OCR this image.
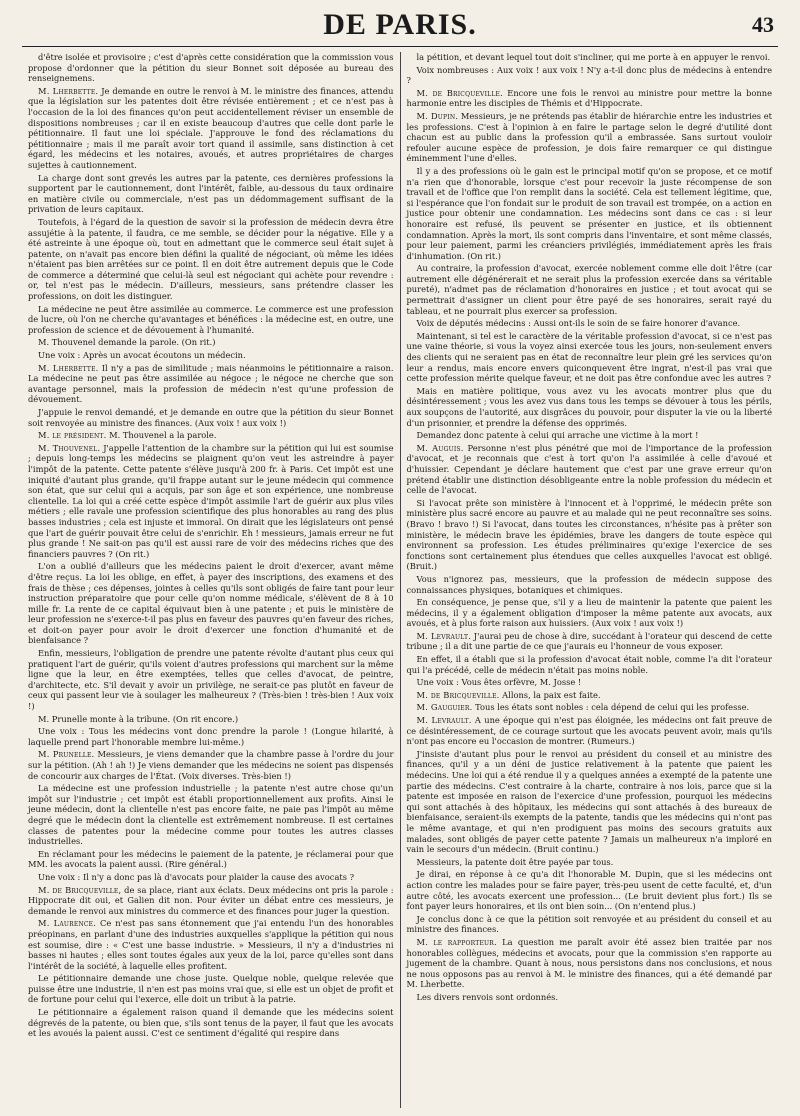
DE PARIS.	43

d'être isolée et provisoire ; c'est d'après cette considération que la commission vous propose d'ordonner que la pétition du sieur Bonnet soit déposée au bureau des renseignemens.

M. Lherbette. Je demande en outre le renvoi à M. le ministre des finances, attendu que la législation sur les patentes doit être révisée entièrement ; et ce n'est pas à l'occasion de la loi des finances qu'on peut accidentellement réviser un ensemble de dispositions nombreuses ; car il en existe beaucoup d'autres que celle dont parle le pétitionnaire. Il faut une loi spéciale. J'approuve le fond des réclamations du pétitionnaire ; mais il me paraît avoir tort quand il assimile, sans distinction à cet égard, les médecins et les notaires, avoués, et autres propriétaires de charges sujettes à cautionnement.

La charge dont sont grevés les autres par la patente, ces dernières professions la supportent par le cautionnement, dont l'intérêt, faible, au-dessous du taux ordinaire en matière civile ou commerciale, n'est pas un dédommagement suffisant de la privation de leurs capitaux.

Toutefois, à l'égard de la question de savoir si la profession de médecin devra être assujétie à la patente, il faudra, ce me semble, se décider pour la négative. Elle y a été astreinte à une époque où, tout en admettant que le commerce seul était sujet à patente, on n'avait pas encore bien défini la qualité de négociant, où même les idées n'étaient pas bien arrêtées sur ce point. Il en doit être autrement depuis que le Code de commerce a déterminé que celui-là seul est négociant qui achète pour revendre : or, tel n'est pas le médecin. D'ailleurs, messieurs, sans prétendre classer les professions, on doit les distinguer.

La médecine ne peut être assimilée au commerce. Le commerce est une profession de lucre, où l'on ne cherche qu'avantages et bénéfices : la médecine est, en outre, une profession de science et de dévouement à l'humanité.

M. Thouvenel demande la parole. (On rit.)

Une voix : Après un avocat écoutons un médecin.

M. Lherbette. Il n'y a pas de similitude ; mais néanmoins le pétitionnaire a raison. La médecine ne peut pas être assimilée au négoce ; le négoce ne cherche que son avantage personnel, mais la profession de médecin n'est qu'une profession de dévouement.

J'appuie le renvoi demandé, et je demande en outre que la pétition du sieur Bonnet soit renvoyée au ministre des finances. (Aux voix ! aux voix !)

M. le président. M. Thouvenel a la parole.

M. Thouvenel. J'appelle l'attention de la chambre sur la pétition qui lui est soumise ; depuis long-temps les médecins se plaignent qu'on veut les astreindre à payer l'impôt de la patente. Cette patente s'élève jusqu'à 200 fr. à Paris. Cet impôt est une iniquité d'autant plus grande, qu'il frappe autant sur le jeune médecin qui commence son état, que sur celui qui a acquis, par son âge et son expérience, une nombreuse clientelle. La loi qui a créé cette espèce d'impôt assimile l'art de guérir aux plus viles métiers ; elle ravale une profession scientifique des plus honorables au rang des plus basses industries ; cela est injuste et immoral. On dirait que les législateurs ont pensé que l'art de guérir pouvait être celui de s'enrichir. Eh ! messieurs, jamais erreur ne fut plus grande ! Ne sait-on pas qu'il est aussi rare de voir des médecins riches que des financiers pauvres ? (On rit.)

L'on a oublié d'ailleurs que les médecins paient le droit d'exercer, avant même d'être reçus. La loi les oblige, en effet, à payer des inscriptions, des examens et des frais de thèse ; ces dépenses, jointes à celles qu'ils sont obligés de faire tant pour leur instruction préparatoire que pour celle qu'on nomme médicale, s'élèvent de 8 à 10 mille fr. La rente de ce capital équivaut bien à une patente ; et puis le ministère de leur profession ne s'exerce-t-il pas plus en faveur des pauvres qu'en faveur des riches, et doit-on payer pour avoir le droit d'exercer une fonction d'humanité et de bienfaisance ?

Enfin, messieurs, l'obligation de prendre une patente révolte d'autant plus ceux qui pratiquent l'art de guérir, qu'ils voient d'autres professions qui marchent sur la même ligne que la leur, en être exemptées, telles que celles d'avocat, de peintre, d'architecte, etc. S'il devait y avoir un privilège, ne serait-ce pas plutôt en faveur de ceux qui passent leur vie à soulager les malheureux ? (Très-bien ! très-bien ! Aux voix !)

M. Prunelle monte à la tribune. (On rit encore.)

Une voix : Tous les médecins vont donc prendre la parole ! (Longue hilarité, à laquelle prend part l'honorable membre lui-même.)

M. Prunelle. Messieurs, je viens demander que la chambre passe à l'ordre du jour sur la pétition. (Ah ! ah !) Je viens demander que les médecins ne soient pas dispensés de concourir aux charges de l'État. (Voix diverses. Très-bien !)

La médecine est une profession industrielle ; la patente n'est autre chose qu'un impôt sur l'industrie ; cet impôt est établi proportionnellement aux profits. Ainsi le jeune médecin, dont la clientelle n'est pas encore faite, ne paie pas l'impôt au même degré que le médecin dont la clientelle est extrêmement nombreuse. Il est certaines classes de patentes pour la médecine comme pour toutes les autres classes industrielles.

En réclamant pour les médecins le paiement de la patente, je réclamerai pour que MM. les avocats la paient aussi. (Rire général.)

Une voix : Il n'y a donc pas là d'avocats pour plaider la cause des avocats ?

M. de Bricqueville, de sa place, riant aux éclats. Deux médecins ont pris la parole : Hippocrate dit oui, et Galien dit non. Pour éviter un débat entre ces messieurs, je demande le renvoi aux ministres du commerce et des finances pour juger la question.

M. Laurence. Ce n'est pas sans étonnement que j'ai entendu l'un des honorables préopinans, en parlant d'une des industries auxquelles s'applique la pétition qui nous est soumise, dire : « C'est une basse industrie. » Messieurs, il n'y a d'industries ni basses ni hautes ; elles sont toutes égales aux yeux de la loi, parce qu'elles sont dans l'intérêt de la société, à laquelle elles profitent.

Le pétitionnaire demande une chose juste. Quelque noble, quelque relevée que puisse être une industrie, il n'en est pas moins vrai que, si elle est un objet de profit et de fortune pour celui qui l'exerce, elle doit un tribut à la patrie.

Le pétitionnaire a également raison quand il demande que les médecins soient dégrevés de la patente, ou bien que, s'ils sont tenus de la payer, il faut que les avocats et les avoués la paient aussi. C'est ce sentiment d'égalité qui respire dans

la pétition, et devant lequel tout doit s'incliner, qui me porte à en appuyer le renvoi.

Voix nombreuses : Aux voix ! aux voix ! N'y a-t-il donc plus de médecins à entendre ?

M. de Bricqueville. Encore une fois le renvoi au ministre pour mettre la bonne harmonie entre les disciples de Thémis et d'Hippocrate.

M. Dupin. Messieurs, je ne prétends pas établir de hiérarchie entre les industries et les professions. C'est à l'opinion à en faire le partage selon le degré d'utilité dont chacun est au public dans la profession qu'il a embrassée. Sans surtout vouloir refouler aucune espèce de profession, je dois faire remarquer ce qui distingue éminemment l'une d'elles.

Il y a des professions où le gain est le principal motif qu'on se propose, et ce motif n'a rien que d'honorable, lorsque c'est pour recevoir la juste récompense de son travail et de l'office que l'on remplit dans la société. Cela est tellement légitime, que, si l'espérance que l'on fondait sur le produit de son travail est trompée, on a action en justice pour obtenir une condamnation. Les médecins sont dans ce cas : si leur honoraire est refusé, ils peuvent se présenter en justice, et ils obtiennent condamnation. Après la mort, ils sont compris dans l'inventaire, et sont même classés, pour leur paiement, parmi les créanciers privilégiés, immédiatement après les frais d'inhumation. (On rit.)

Au contraire, la profession d'avocat, exercée noblement comme elle doit l'être (car autrement elle dégénérerait et ne serait plus la profession exercée dans sa véritable pureté), n'admet pas de réclamation d'honoraires en justice ; et tout avocat qui se permettrait d'assigner un client pour être payé de ses honoraires, serait rayé du tableau, et ne pourrait plus exercer sa profession.

Voix de députés médecins : Aussi ont-ils le soin de se faire honorer d'avance.

Maintenant, si tel est le caractère de la véritable profession d'avocat, si ce n'est pas une vaine théorie, si vous la voyez ainsi exercée tous les jours, non-seulement envers des clients qui ne seraient pas en état de reconnaître leur plein gré les services qu'on leur a rendus, mais encore envers quiconquevent être ingrat, n'est-il pas vrai que cette profession mérite quelque faveur, et ne doit pas être confondue avec les autres ?

Mais en matière politique, vous avez vu les avocats montrer plus que du désintéressement ; vous les avez vus dans tous les temps se dévouer à tous les périls, aux soupçons de l'autorité, aux disgrâces du pouvoir, pour disputer la vie ou la liberté d'un prisonnier, et prendre la défense des opprimés.

Demandez donc patente à celui qui arrache une victime à la mort !

M. Auguis. Personne n'est plus pénétré que moi de l'importance de la profession d'avocat, et je reconnais que c'est à tort qu'on l'a assimilée à celle d'avoué et d'huissier. Cependant je déclare hautement que c'est par une grave erreur qu'on prétend établir une distinction désobligeante entre la noble profession du médecin et celle de l'avocat.

Si l'avocat prête son ministère à l'innocent et à l'opprimé, le médecin prête son ministère plus sacré encore au pauvre et au malade qui ne peut reconnaître ses soins. (Bravo ! bravo !) Si l'avocat, dans toutes les circonstances, n'hésite pas à prêter son ministère, le médecin brave les épidémies, brave les dangers de toute espèce qui environnent sa profession. Les études préliminaires qu'exige l'exercice de ses fonctions sont certainement plus étendues que celles auxquelles l'avocat est obligé. (Bruit.)

Vous n'ignorez pas, messieurs, que la profession de médecin suppose des connaissances physiques, botaniques et chimiques.

En conséquence, je pense que, s'il y a lieu de maintenir la patente que paient les médecins, il y a également obligation d'imposer la même patente aux avocats, aux avoués, et à plus forte raison aux huissiers. (Aux voix ! aux voix !)

M. Levrault. J'aurai peu de chose à dire, succédant à l'orateur qui descend de cette tribune ; il a dit une partie de ce que j'aurais eu l'honneur de vous exposer.

En effet, il a établi que si la profession d'avocat était noble, comme l'a dit l'orateur qui l'a précédé, celle de médecin n'était pas moins noble.

Une voix : Vous êtes orfèvre, M. Josse !

M. de Bricqueville. Allons, la paix est faite.

M. Gauguier. Tous les états sont nobles : cela dépend de celui qui les professe.

M. Levrault. A une époque qui n'est pas éloignée, les médecins ont fait preuve de ce désintéressement, de ce courage surtout que les avocats peuvent avoir, mais qu'ils n'ont pas encore eu l'occasion de montrer. (Rumeurs.)

J'insiste d'autant plus pour le renvoi au président du conseil et au ministre des finances, qu'il y a un déni de justice relativement à la patente que paient les médecins. Une loi qui a été rendue il y a quelques années a exempté de la patente une partie des médecins. C'est contraire à la charte, contraire à nos lois, parce que si la patente est imposée en raison de l'exercice d'une profession, pourquoi les médecins qui sont attachés à des hôpitaux, les médecins qui sont attachés à des bureaux de bienfaisance, seraient-ils exempts de la patente, tandis que les médecins qui n'ont pas le même avantage, et qui n'en prodiguent pas moins des secours gratuits aux malades, sont obligés de payer cette patente ? Jamais un malheureux n'a imploré en vain le secours d'un médecin. (Bruit continu.)

Messieurs, la patente doit être payée par tous.

Je dirai, en réponse à ce qu'a dit l'honorable M. Dupin, que si les médecins ont action contre les malades pour se faire payer, très-peu usent de cette faculté, et, d'un autre côté, les avocats exercent une profession... (Le bruit devient plus fort.) Ils se font payer leurs honoraires, et ils ont bien soin... (On n'entend plus.)

Je conclus donc à ce que la pétition soit renvoyée et au président du conseil et au ministre des finances.

M. le rapporteur. La question me paraît avoir été assez bien traitée par nos honorables collègues, médecins et avocats, pour que la commission s'en rapporte au jugement de la chambre. Quant à nous, nous persistons dans nos conclusions, et nous ne nous opposons pas au renvoi à M. le ministre des finances, qui a été demandé par M. Lherbette.

Les divers renvois sont ordonnés.
